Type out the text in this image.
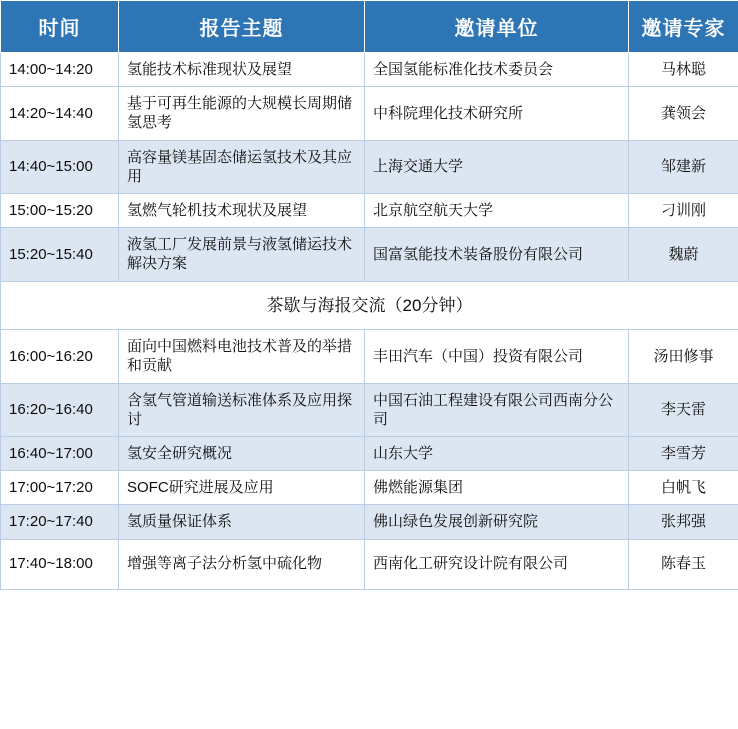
时间	报告主题	邀请单位	邀请专家
14:00~14:20	氢能技术标准现状及展望	全国氢能标准化技术委员会	马林聪
14:20~14:40	基于可再生能源的大规模长周期储氢思考	中科院理化技术研究所	龚领会
14:40~15:00	高容量镁基固态储运氢技术及其应用	上海交通大学	邹建新
15:00~15:20	氢燃气轮机技术现状及展望	北京航空航天大学	刁训刚
15:20~15:40	液氢工厂发展前景与液氢储运技术解决方案	国富氢能技术装备股份有限公司	魏蔚
茶歇与海报交流（20分钟）			
16:00~16:20	面向中国燃料电池技术普及的举措和贡献	丰田汽车（中国）投资有限公司	汤田修事
16:20~16:40	含氢气管道输送标准体系及应用探讨	中国石油工程建设有限公司西南分公司	李天雷
16:40~17:00	氢安全研究概况	山东大学	李雪芳
17:00~17:20	SOFC研究进展及应用	佛燃能源集团	白帆飞
17:20~17:40	氢质量保证体系	佛山绿色发展创新研究院	张邦强
17:40~18:00	增强等离子法分析氢中硫化物	西南化工研究设计院有限公司	陈春玉
